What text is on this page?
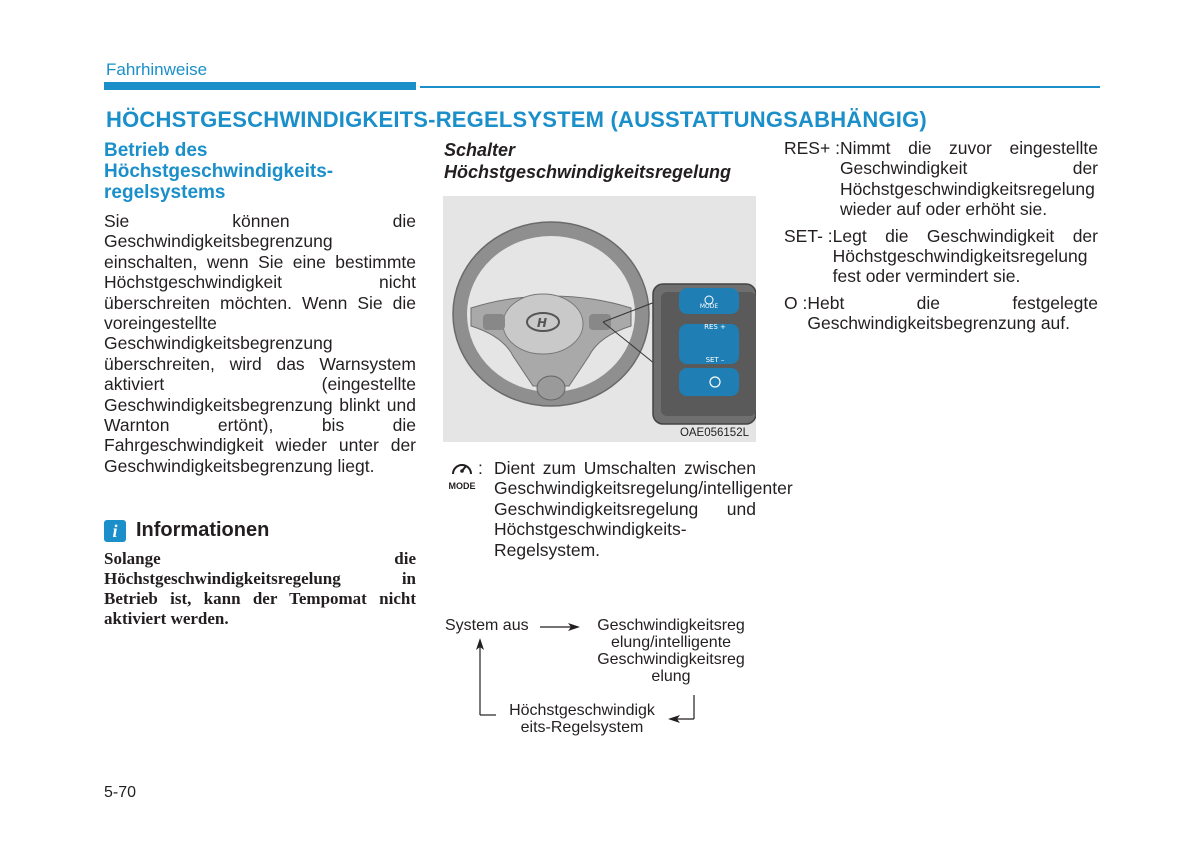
Fahrhinweise
HÖCHSTGESCHWINDIGKEITS-REGELSYSTEM (AUSSTATTUNGSABHÄNGIG)
Betrieb des Höchstgeschwindigkeits-regelsystems
Sie können die Geschwindigkeitsbegrenzung einschalten, wenn Sie eine bestimmte Höchstgeschwindigkeit nicht überschreiten möchten. Wenn Sie die voreingestellte Geschwindigkeitsbegrenzung überschreiten, wird das Warnsystem aktiviert (eingestellte Geschwindigkeitsbegrenzung blinkt und Warnton ertönt), bis die Fahrgeschwindigkeit wieder unter der Geschwindigkeitsbegrenzung liegt.
i Informationen
Solange die Höchstgeschwindigkeitsregelung in Betrieb ist, kann der Tempomat nicht aktiviert werden.
Schalter
Höchstgeschwindigkeitsregelung
H
MODE
RES +
SET –
OAE056152L
MODE
: Dient zum Umschalten zwischen Geschwindigkeitsregelung/intelligenter Geschwindigkeitsregelung und Höchstgeschwindigkeits-Regelsystem.
System aus	Geschwindigkeitsreg
elung/intelligente
Geschwindigkeitsreg
elung
Höchstgeschwindigk
eits-Regelsystem
RES+ : Nimmt die zuvor eingestellte Geschwindigkeit der Höchstgeschwindigkeitsregelung wieder auf oder erhöht sie.
SET- : Legt die Geschwindigkeit der Höchstgeschwindigkeitsregelung fest oder vermindert sie.
O : Hebt die festgelegte Geschwindigkeitsbegrenzung auf.
5-70
